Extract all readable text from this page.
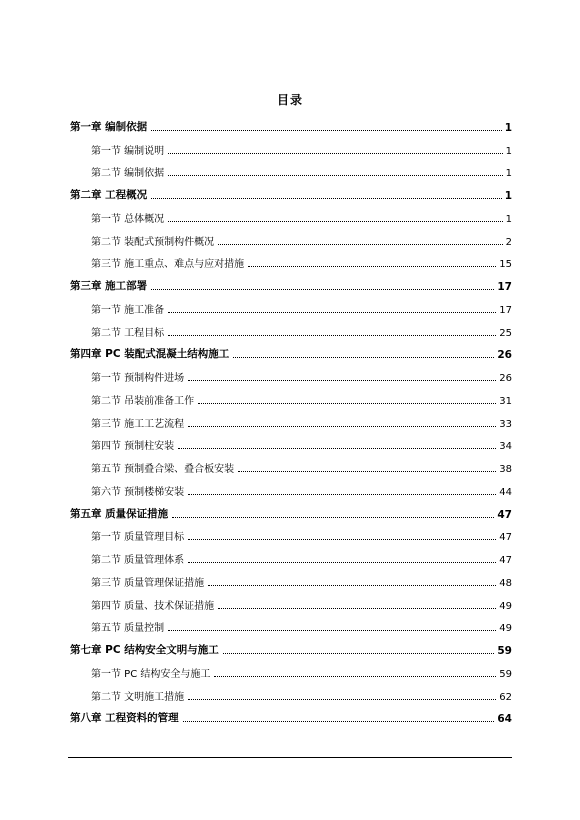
目录
第一章 编制依据	1
第一节 编制说明	1
第二节 编制依据	1
第二章 工程概况	1
第一节 总体概况	1
第二节 装配式预制构件概况	2
第三节 施工重点、难点与应对措施	15
第三章 施工部署	17
第一节 施工准备	17
第二节 工程目标	25
第四章 PC 装配式混凝土结构施工	26
第一节 预制构件进场	26
第二节 吊装前准备工作	31
第三节 施工工艺流程	33
第四节 预制柱安装	34
第五节 预制叠合梁、叠合板安装	38
第六节 预制楼梯安装	44
第五章 质量保证措施	47
第一节 质量管理目标	47
第二节 质量管理体系	47
第三节 质量管理保证措施	48
第四节 质量、技术保证措施	49
第五节 质量控制	49
第七章 PC 结构安全文明与施工	59
第一节 PC 结构安全与施工	59
第二节 文明施工措施	62
第八章 工程资料的管理	64
